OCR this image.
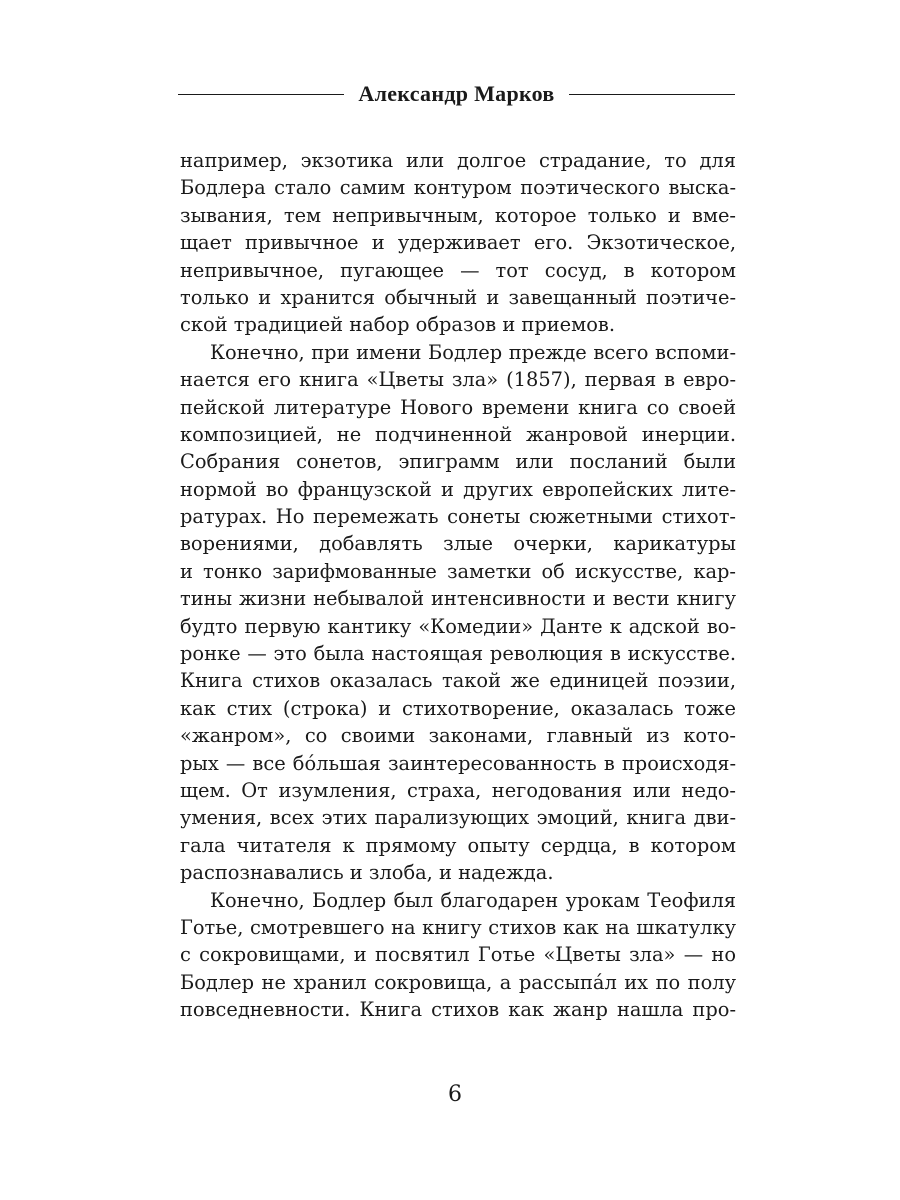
Александр Марков
например, экзотика или долгое страдание, то для
Бодлера стало самим контуром поэтического выска-
зывания, тем непривычным, которое только и вме-
щает привычное и удерживает его. Экзотическое,
непривычное, пугающее — тот сосуд, в котором
только и хранится обычный и завещанный поэтиче-
ской традицией набор образов и приемов.
Конечно, при имени Бодлер прежде всего вспоми-
нается его книга «Цветы зла» (1857), первая в евро-
пейской литературе Нового времени книга со своей
композицией, не подчиненной жанровой инерции.
Собрания сонетов, эпиграмм или посланий были
нормой во французской и других европейских лите-
ратурах. Но перемежать сонеты сюжетными стихот-
ворениями, добавлять злые очерки, карикатуры
и тонко зарифмованные заметки об искусстве, кар-
тины жизни небывалой интенсивности и вести книгу
будто первую кантику «Комедии» Данте к адской во-
ронке — это была настоящая революция в искусстве.
Книга стихов оказалась такой же единицей поэзии,
как стих (строка) и стихотворение, оказалась тоже
«жанром», со своими законами, главный из кото-
рых — все бóльшая заинтересованность в происходя-
щем. От изумления, страха, негодования или недо-
умения, всех этих парализующих эмоций, книга дви-
гала читателя к прямому опыту сердца, в котором
распознавались и злоба, и надежда.
Конечно, Бодлер был благодарен урокам Теофиля
Готье, смотревшего на книгу стихов как на шкатулку
с сокровищами, и посвятил Готье «Цветы зла» — но
Бодлер не хранил сокровища, а рассыпáл их по полу
повседневности. Книга стихов как жанр нашла про-
6
